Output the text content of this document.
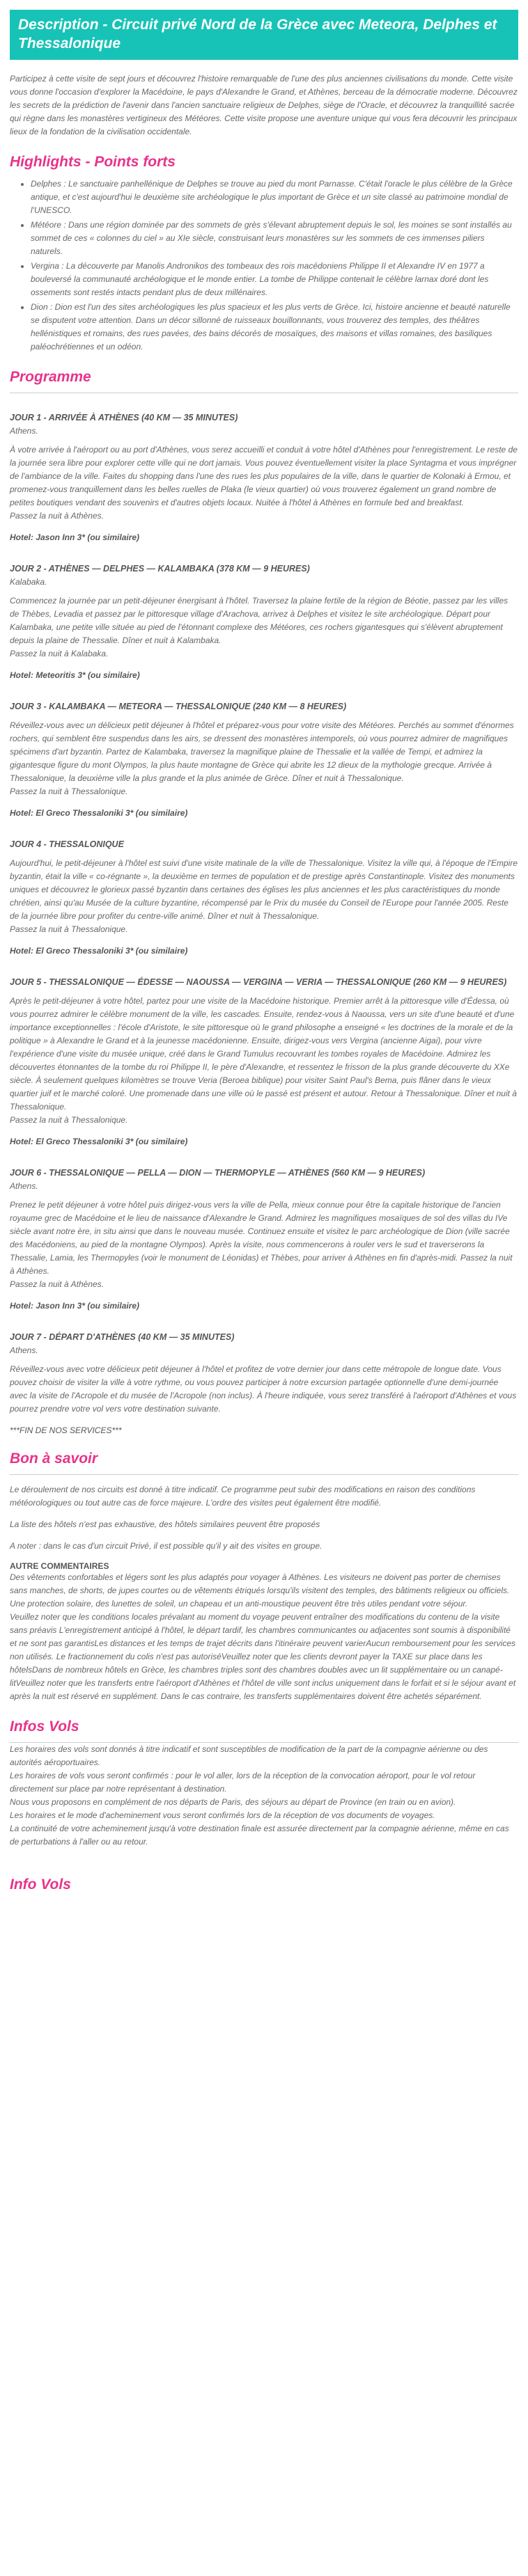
Description - Circuit privé Nord de la Grèce avec Meteora, Delphes et Thessalonique

Participez à cette visite de sept jours et découvrez l'histoire remarquable de l'une des plus anciennes civilisations du monde. Cette visite vous donne l'occasion d'explorer la Macédoine, le pays d'Alexandre le Grand, et Athènes, berceau de la démocratie moderne. Découvrez les secrets de la prédiction de l'avenir dans l'ancien sanctuaire religieux de Delphes, siège de l'Oracle, et découvrez la tranquillité sacrée qui règne dans les monastères vertigineux des Météores. Cette visite propose une aventure unique qui vous fera découvrir les principaux lieux de la fondation de la civilisation occidentale.

Highlights - Points forts
• Delphes : Le sanctuaire panhellénique de Delphes se trouve au pied du mont Parnasse. C'était l'oracle le plus célèbre de la Grèce antique, et c'est aujourd'hui le deuxième site archéologique le plus important de Grèce et un site classé au patrimoine mondial de l'UNESCO.
• Météore : Dans une région dominée par des sommets de grès s'élevant abruptement depuis le sol, les moines se sont installés au sommet de ces « colonnes du ciel » au XIe siècle, construisant leurs monastères sur les sommets de ces immenses piliers naturels.
• Vergina : La découverte par Manolis Andronikos des tombeaux des rois macédoniens Philippe II et Alexandre IV en 1977 a bouleversé la communauté archéologique et le monde entier. La tombe de Philippe contenait le célèbre larnax doré dont les ossements sont restés intacts pendant plus de deux millénaires.
• Dion : Dion est l'un des sites archéologiques les plus spacieux et les plus verts de Grèce. Ici, histoire ancienne et beauté naturelle se disputent votre attention. Dans un décor sillonné de ruisseaux bouillonnants, vous trouverez des temples, des théâtres hellénistiques et romains, des rues pavées, des bains décorés de mosaïques, des maisons et villas romaines, des basiliques paléochrétiennes et un odéon.
Programme
JOUR 1 - ARRIVÉE À ATHÈNES (40 KM — 35 MINUTES)
Athens.
À votre arrivée à l'aéroport ou au port d'Athènes, vous serez accueilli et conduit à votre hôtel d'Athènes pour l'enregistrement. Le reste de la journée sera libre pour explorer cette ville qui ne dort jamais. Vous pouvez éventuellement visiter la place Syntagma et vous imprégner de l'ambiance de la ville. Faites du shopping dans l'une des rues les plus populaires de la ville, dans le quartier de Kolonaki à Ermou, et promenez-vous tranquillement dans les belles ruelles de Plaka (le vieux quartier) où vous trouverez également un grand nombre de petites boutiques vendant des souvenirs et d'autres objets locaux. Nuitée à l'hôtel à Athènes en formule bed and breakfast.
Passez la nuit à Athènes.
Hotel: Jason Inn 3* (ou similaire)
JOUR 2 - ATHÈNES — DELPHES — KALAMBAKA (378 KM — 9 HEURES)
Kalabaka.
Commencez la journée par un petit-déjeuner énergisant à l'hôtel. Traversez la plaine fertile de la région de Béotie, passez par les villes de Thèbes, Levadia et passez par le pittoresque village d'Arachova, arrivez à Delphes et visitez le site archéologique. Départ pour Kalambaka, une petite ville située au pied de l'étonnant complexe des Météores, ces rochers gigantesques qui s'élèvent abruptement depuis la plaine de Thessalie. Dîner et nuit à Kalambaka.
Passez la nuit à Kalabaka.
Hotel: Meteoritis 3* (ou similaire)
JOUR 3 - KALAMBAKA — METEORA — THESSALONIQUE (240 KM — 8 HEURES)
Réveillez-vous avec un délicieux petit déjeuner à l'hôtel et préparez-vous pour votre visite des Météores. Perchés au sommet d'énormes rochers, qui semblent être suspendus dans les airs, se dressent des monastères intemporels, où vous pourrez admirer de magnifiques spécimens d'art byzantin. Partez de Kalambaka, traversez la magnifique plaine de Thessalie et la vallée de Tempi, et admirez la gigantesque figure du mont Olympos, la plus haute montagne de Grèce qui abrite les 12 dieux de la mythologie grecque. Arrivée à Thessalonique, la deuxième ville la plus grande et la plus animée de Grèce. Dîner et nuit à Thessalonique.
Passez la nuit à Thessalonique.
Hotel: El Greco Thessaloniki 3* (ou similaire)
JOUR 4 - THESSALONIQUE
Aujourd'hui, le petit-déjeuner à l'hôtel est suivi d'une visite matinale de la ville de Thessalonique. Visitez la ville qui, à l'époque de l'Empire byzantin, était la ville « co-régnante », la deuxième en termes de population et de prestige après Constantinople. Visitez des monuments uniques et découvrez le glorieux passé byzantin dans certaines des églises les plus anciennes et les plus caractéristiques du monde chrétien, ainsi qu'au Musée de la culture byzantine, récompensé par le Prix du musée du Conseil de l'Europe pour l'année 2005. Reste de la journée libre pour profiter du centre-ville animé. Dîner et nuit à Thessalonique.
Passez la nuit à Thessalonique.
Hotel: El Greco Thessaloniki 3* (ou similaire)
JOUR 5 - THESSALONIQUE — ÉDESSE — NAOUSSA — VERGINA — VERIA — THESSALONIQUE (260 KM — 9 HEURES)
Après le petit-déjeuner à votre hôtel, partez pour une visite de la Macédoine historique. Premier arrêt à la pittoresque ville d'Édessa, où vous pourrez admirer le célèbre monument de la ville, les cascades. Ensuite, rendez-vous à Naoussa, vers un site d'une beauté et d'une importance exceptionnelles : l'école d'Aristote, le site pittoresque où le grand philosophe a enseigné « les doctrines de la morale et de la politique » à Alexandre le Grand et à la jeunesse macédonienne. Ensuite, dirigez-vous vers Vergina (ancienne Aigai), pour vivre l'expérience d'une visite du musée unique, créé dans le Grand Tumulus recouvrant les tombes royales de Macédoine. Admirez les découvertes étonnantes de la tombe du roi Philippe II, le père d'Alexandre, et ressentez le frisson de la plus grande découverte du XXe siècle. À seulement quelques kilomètres se trouve Veria (Beroea biblique) pour visiter Saint Paul's Bema, puis flâner dans le vieux quartier juif et le marché coloré. Une promenade dans une ville où le passé est présent et autour. Retour à Thessalonique. Dîner et nuit à Thessalonique.
Passez la nuit à Thessalonique.
Hotel: El Greco Thessaloniki 3* (ou similaire)
JOUR 6 - THESSALONIQUE — PELLA — DION — THERMOPYLE — ATHÈNES (560 KM — 9 HEURES)
Athens.
Prenez le petit déjeuner à votre hôtel puis dirigez-vous vers la ville de Pella, mieux connue pour être la capitale historique de l'ancien royaume grec de Macédoine et le lieu de naissance d'Alexandre le Grand. Admirez les magnifiques mosaïques de sol des villas du IVe siècle avant notre ère, in situ ainsi que dans le nouveau musée. Continuez ensuite et visitez le parc archéologique de Dion (ville sacrée des Macédoniens, au pied de la montagne Olympos). Après la visite, nous commencerons à rouler vers le sud et traverserons la Thessalie, Lamia, les Thermopyles (voir le monument de Léonidas) et Thèbes, pour arriver à Athènes en fin d'après-midi. Passez la nuit à Athènes.
Passez la nuit à Athènes.
Hotel: Jason Inn 3* (ou similaire)
JOUR 7 - DÉPART D'ATHÈNES (40 KM — 35 MINUTES)
Athens.
Réveillez-vous avec votre délicieux petit déjeuner à l'hôtel et profitez de votre dernier jour dans cette métropole de longue date. Vous pouvez choisir de visiter la ville à votre rythme, ou vous pouvez participer à notre excursion partagée optionnelle d'une demi-journée avec la visite de l'Acropole et du musée de l'Acropole (non inclus). À l'heure indiquée, vous serez transféré à l'aéroport d'Athènes et vous pourrez prendre votre vol vers votre destination suivante.
***FIN DE NOS SERVICES***
Bon à savoir

Le déroulement de nos circuits est donné à titre indicatif. Ce programme peut subir des modifications en raison des conditions météorologiques ou tout autre cas de force majeure. L'ordre des visites peut également être modifié.

La liste des hôtels n'est pas exhaustive, des hôtels similaires peuvent être proposés

A noter : dans le cas d'un circuit Privé, il est possible qu'il y ait des visites en groupe.

AUTRE COMMENTAIRES
Des vêtements confortables et légers sont les plus adaptés pour voyager à Athènes. Les visiteurs ne doivent pas porter de chemises sans manches, de shorts, de jupes courtes ou de vêtements étriqués lorsqu'ils visitent des temples, des bâtiments religieux ou officiels. Une protection solaire, des lunettes de soleil, un chapeau et un anti-moustique peuvent être très utiles pendant votre séjour.
Veuillez noter que les conditions locales prévalant au moment du voyage peuvent entraîner des modifications du contenu de la visite sans préavis L'enregistrement anticipé à l'hôtel, le départ tardif, les chambres communicantes ou adjacentes sont soumis à disponibilité et ne sont pas garantisLes distances et les temps de trajet décrits dans l'itinéraire peuvent varierAucun remboursement pour les services non utilisés. Le fractionnement du colis n'est pas autoriséVeuillez noter que les clients devront payer la TAXE sur place dans les hôtelsDans de nombreux hôtels en Grèce, les chambres triples sont des chambres doubles avec un lit supplémentaire ou un canapé-litVeuillez noter que les transferts entre l'aéroport d'Athènes et l'hôtel de ville sont inclus uniquement dans le forfait et si le séjour avant et après la nuit est réservé en supplément. Dans le cas contraire, les transferts supplémentaires doivent être achetés séparément.
Infos Vols
Les horaires des vols sont donnés à titre indicatif et sont susceptibles de modification de la part de la compagnie aérienne ou des autorités aéroportuaires.
Les horaires de vols vous seront confirmés : pour le vol aller, lors de la réception de la convocation aéroport, pour le vol retour directement sur place par notre représentant à destination.
Nous vous proposons en complément de nos départs de Paris, des séjours au départ de Province (en train ou en avion).
Les horaires et le mode d'acheminement vous seront confirmés lors de la réception de vos documents de voyages.
La continuité de votre acheminement jusqu'à votre destination finale est assurée directement par la compagnie aérienne, même en cas de perturbations à l'aller ou au retour.
Info Vols
